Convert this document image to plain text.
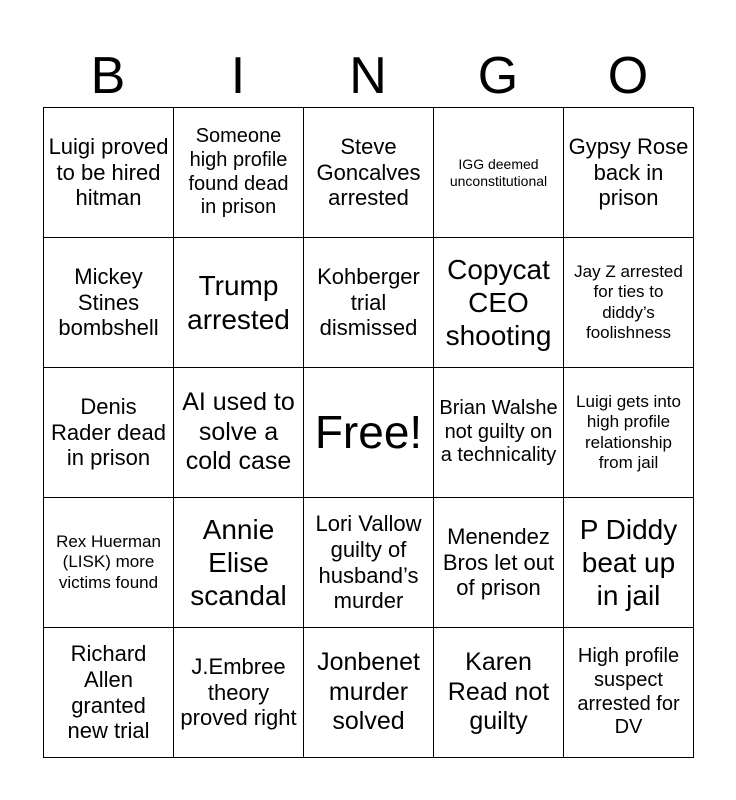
B	I	N	G	O
Luigi proved to be hired hitman	Someone high profile found dead in prison	Steve Goncalves arrested	IGG deemed unconstitutional	Gypsy Rose back in prison
Mickey Stines bombshell	Trump arrested	Kohberger trial dismissed	Copycat CEO shooting	Jay Z arrested for ties to diddy’s foolishness
Denis Rader dead in prison	AI used to solve a cold case	Free!	Brian Walshe not guilty on a technicality	Luigi gets into high profile relationship from jail
Rex Huerman (LISK) more victims found	Annie Elise scandal	Lori Vallow guilty of husband’s murder	Menendez Bros let out of prison	P Diddy beat up in jail
Richard Allen granted new trial	J.Embree theory proved right	Jonbenet murder solved	Karen Read not guilty	High profile suspect arrested for DV
